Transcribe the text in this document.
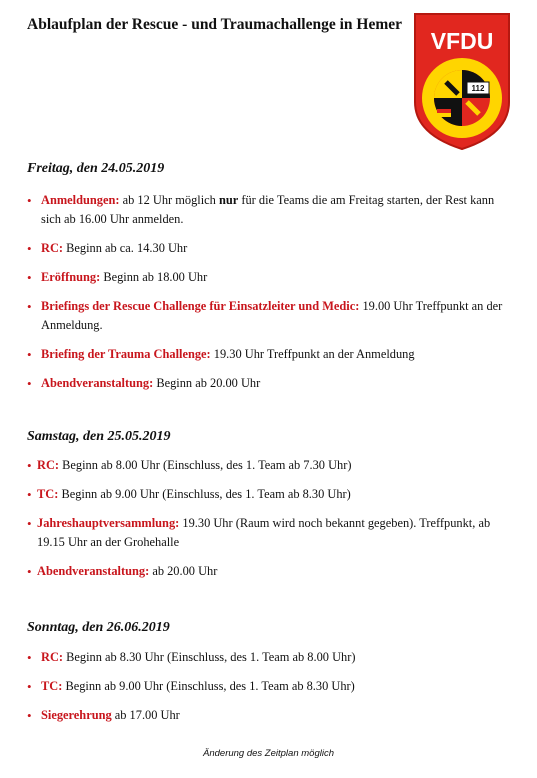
Ablaufplan der Rescue - und Traumachallenge in Hemer
VFDU
112
Freitag, den 24.05.2019
• Anmeldungen: ab 12 Uhr möglich nur für die Teams die am Freitag starten, der Rest kann sich ab 16.00 Uhr anmelden.
• RC: Beginn ab ca. 14.30 Uhr
• Eröffnung: Beginn ab 18.00 Uhr
• Briefings der Rescue Challenge für Einsatzleiter und Medic: 19.00 Uhr Treffpunkt an der Anmeldung.
• Briefing der Trauma Challenge: 19.30 Uhr Treffpunkt an der Anmeldung
• Abendveranstaltung: Beginn ab 20.00 Uhr
Samstag, den 25.05.2019
• RC: Beginn ab 8.00 Uhr (Einschluss, des 1. Team ab 7.30 Uhr)
• TC: Beginn ab 9.00 Uhr (Einschluss, des 1. Team ab 8.30 Uhr)
• Jahreshauptversammlung: 19.30 Uhr (Raum wird noch bekannt gegeben). Treffpunkt, ab 19.15 Uhr an der Grohehalle
• Abendveranstaltung: ab 20.00 Uhr
Sonntag, den 26.06.2019
• RC: Beginn ab 8.30 Uhr (Einschluss, des 1. Team ab 8.00 Uhr)
• TC: Beginn ab 9.00 Uhr (Einschluss, des 1. Team ab 8.30 Uhr)
• Siegerehrung ab 17.00 Uhr

Änderung des Zeitplan möglich
